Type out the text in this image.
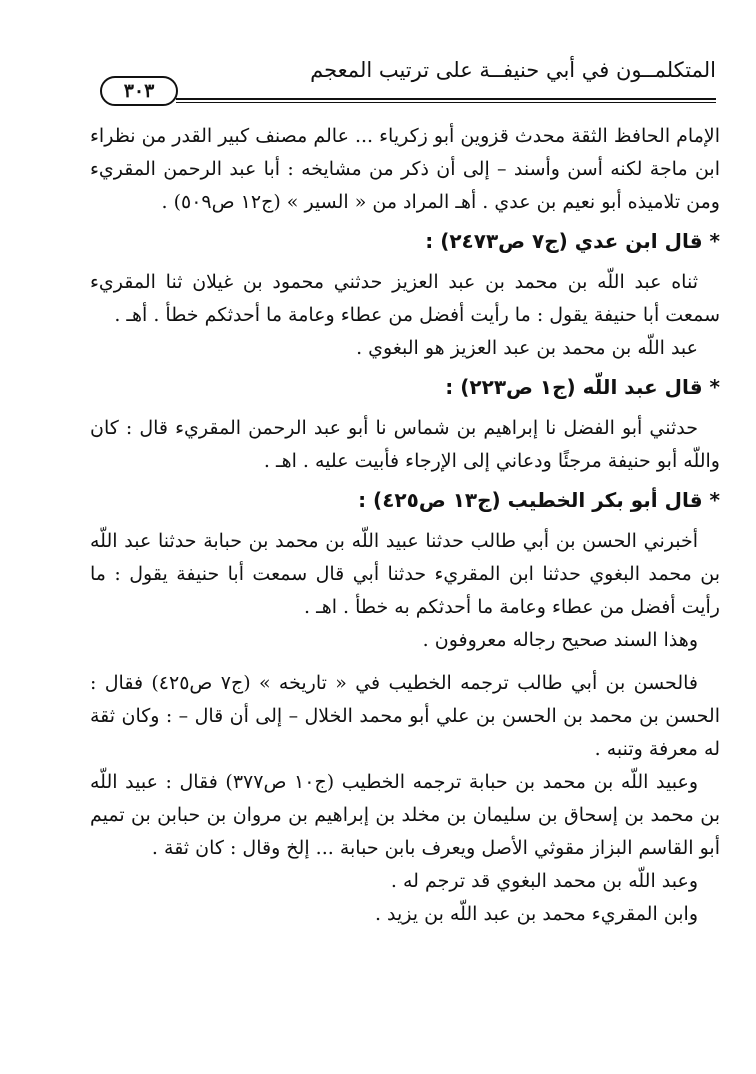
٣٠٣
المتكلمــون في أبي حنيفــة على ترتيب المعجم

الإمام الحافظ الثقة محدث قزوين أبو زكرياء ... عالم مصنف كبير القدر من نظراء ابن ماجة لكنه أسن وأسند – إلى أن ذكر من مشايخه : أبا عبد الرحمن المقريء ومن تلاميذه أبو نعيم بن عدي . أهـ المراد من « السير » (ج١٢ ص٥٠٩) .

* قال ابن عدي (ج٧ ص٢٤٧٣) :

ثناه عبد اللّه بن محمد بن عبد العزيز حدثني محمود بن غيلان ثنا المقريء سمعت أبا حنيفة يقول : ما رأيت أفضل من عطاء وعامة ما أحدثكم خطأ . أهـ .

عبد اللّه بن محمد بن عبد العزيز هو البغوي .

* قال عبد اللّه (ج١ ص٢٢٣) :

حدثني أبو الفضل نا إبراهيم بن شماس نا أبو عبد الرحمن المقريء قال : كان واللّه أبو حنيفة مرجئًا ودعاني إلى الإرجاء فأبيت عليه . اهـ .

* قال أبو بكر الخطيب (ج١٣ ص٤٢٥) :

أخبرني الحسن بن أبي طالب حدثنا عبيد اللّه بن محمد بن حبابة حدثنا عبد اللّه بن محمد البغوي حدثنا ابن المقريء حدثنا أبي قال سمعت أبا حنيفة يقول : ما رأيت أفضل من عطاء وعامة ما أحدثكم به خطأ . اهـ .

وهذا السند صحيح رجاله معروفون .

فالحسن بن أبي طالب ترجمه الخطيب في « تاريخه » (ج٧ ص٤٢٥) فقال : الحسن بن محمد بن الحسن بن علي أبو محمد الخلال – إلى أن قال – : وكان ثقة له معرفة وتنبه .

وعبيد اللّه بن محمد بن حبابة ترجمه الخطيب (ج١٠ ص٣٧٧) فقال : عبيد اللّه بن محمد بن إسحاق بن سليمان بن مخلد بن إبراهيم بن مروان بن حبابن بن تميم أبو القاسم البزاز مقوثي الأصل ويعرف بابن حبابة ... إلخ وقال : كان ثقة .

وعبد اللّه بن محمد البغوي قد ترجم له .

وابن المقريء محمد بن عبد اللّه بن يزيد .
